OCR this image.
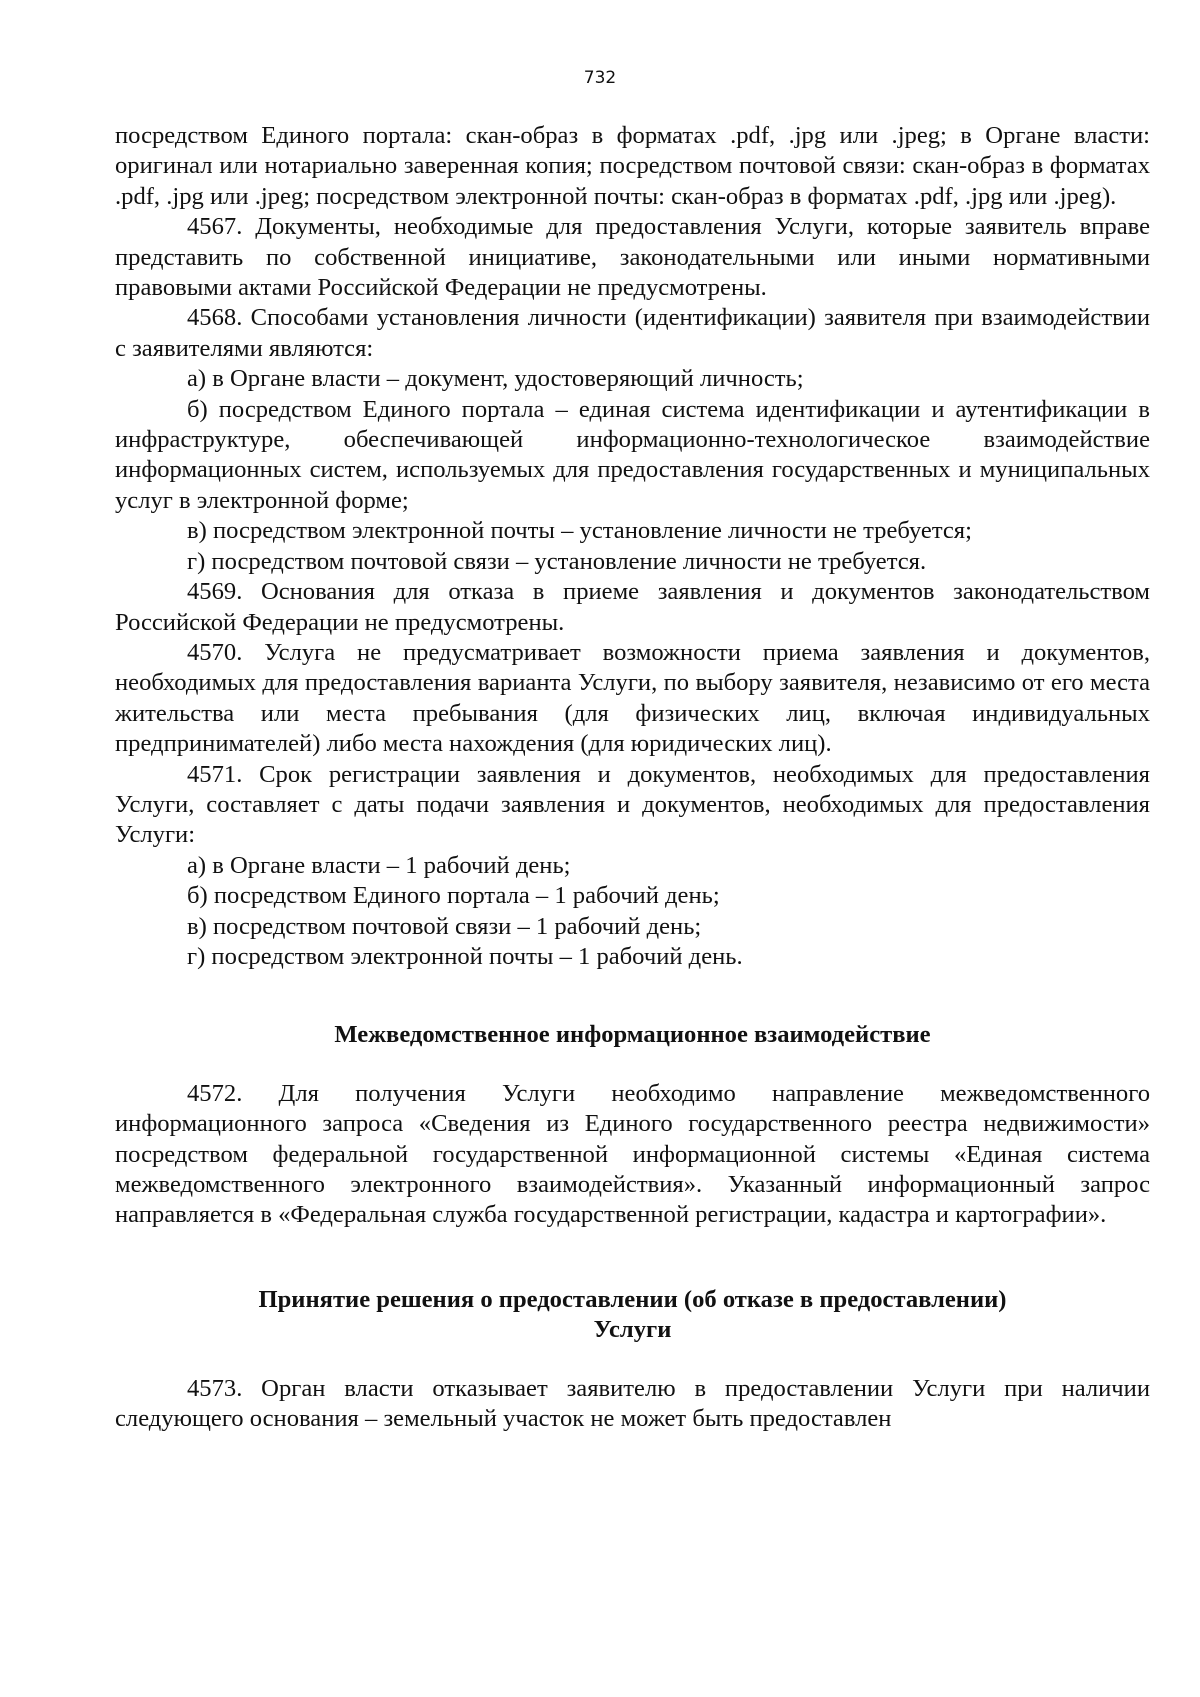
732

посредством Единого портала: скан-образ в форматах .pdf, .jpg или .jpeg; в Органе власти: оригинал или нотариально заверенная копия; посредством почтовой связи: скан-образ в форматах .pdf, .jpg или .jpeg; посредством электронной почты: скан-образ в форматах .pdf, .jpg или .jpeg).

4567. Документы, необходимые для предоставления Услуги, которые заявитель вправе представить по собственной инициативе, законодательными или иными нормативными правовыми актами Российской Федерации не предусмотрены.

4568. Способами установления личности (идентификации) заявителя при взаимодействии с заявителями являются:

а) в Органе власти – документ, удостоверяющий личность;

б) посредством Единого портала – единая система идентификации и аутентификации в инфраструктуре, обеспечивающей информационно-технологическое взаимодействие информационных систем, используемых для предоставления государственных и муниципальных услуг в электронной форме;

в) посредством электронной почты – установление личности не требуется;

г) посредством почтовой связи – установление личности не требуется.

4569. Основания для отказа в приеме заявления и документов законодательством Российской Федерации не предусмотрены.

4570. Услуга не предусматривает возможности приема заявления и документов, необходимых для предоставления варианта Услуги, по выбору заявителя, независимо от его места жительства или места пребывания (для физических лиц, включая индивидуальных предпринимателей) либо места нахождения (для юридических лиц).

4571. Срок регистрации заявления и документов, необходимых для предоставления Услуги, составляет с даты подачи заявления и документов, необходимых для предоставления Услуги:

а) в Органе власти – 1 рабочий день;

б) посредством Единого портала – 1 рабочий день;

в) посредством почтовой связи – 1 рабочий день;

г) посредством электронной почты – 1 рабочий день.

Межведомственное информационное взаимодействие

4572. Для получения Услуги необходимо направление межведомственного информационного запроса «Сведения из Единого государственного реестра недвижимости» посредством федеральной государственной информационной системы «Единая система межведомственного электронного взаимодействия». Указанный информационный запрос направляется в «Федеральная служба государственной регистрации, кадастра и картографии».

Принятие решения о предоставлении (об отказе в предоставлении)
Услуги

4573. Орган власти отказывает заявителю в предоставлении Услуги при наличии следующего основания – земельный участок не может быть предоставлен
